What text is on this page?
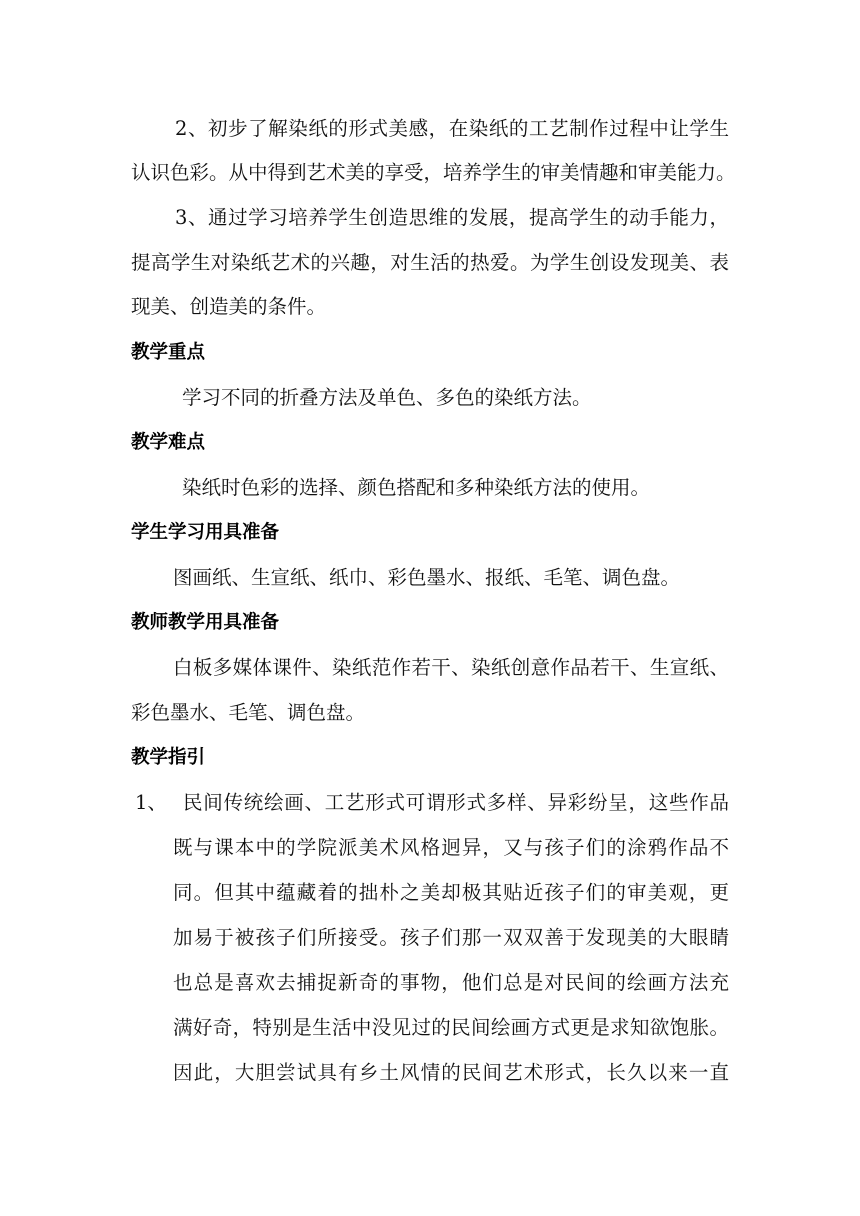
2、初步了解染纸的形式美感，在染纸的工艺制作过程中让学生
认识色彩。从中得到艺术美的享受，培养学生的审美情趣和审美能力。
3、通过学习培养学生创造思维的发展，提高学生的动手能力，
提高学生对染纸艺术的兴趣，对生活的热爱。为学生创设发现美、表
现美、创造美的条件。
教学重点
学习不同的折叠方法及单色、多色的染纸方法。
教学难点
染纸时色彩的选择、颜色搭配和多种染纸方法的使用。
学生学习用具准备
图画纸、生宣纸、纸巾、彩色墨水、报纸、毛笔、调色盘。
教师教学用具准备
白板多媒体课件、染纸范作若干、染纸创意作品若干、生宣纸、
彩色墨水、毛笔、调色盘。
教学指引
1、 民间传统绘画、工艺形式可谓形式多样、异彩纷呈，这些作品
既与课本中的学院派美术风格迥异，又与孩子们的涂鸦作品不
同。但其中蕴藏着的拙朴之美却极其贴近孩子们的审美观，更
加易于被孩子们所接受。孩子们那一双双善于发现美的大眼睛
也总是喜欢去捕捉新奇的事物，他们总是对民间的绘画方法充
满好奇，特别是生活中没见过的民间绘画方式更是求知欲饱胀。
因此，大胆尝试具有乡土风情的民间艺术形式，长久以来一直
